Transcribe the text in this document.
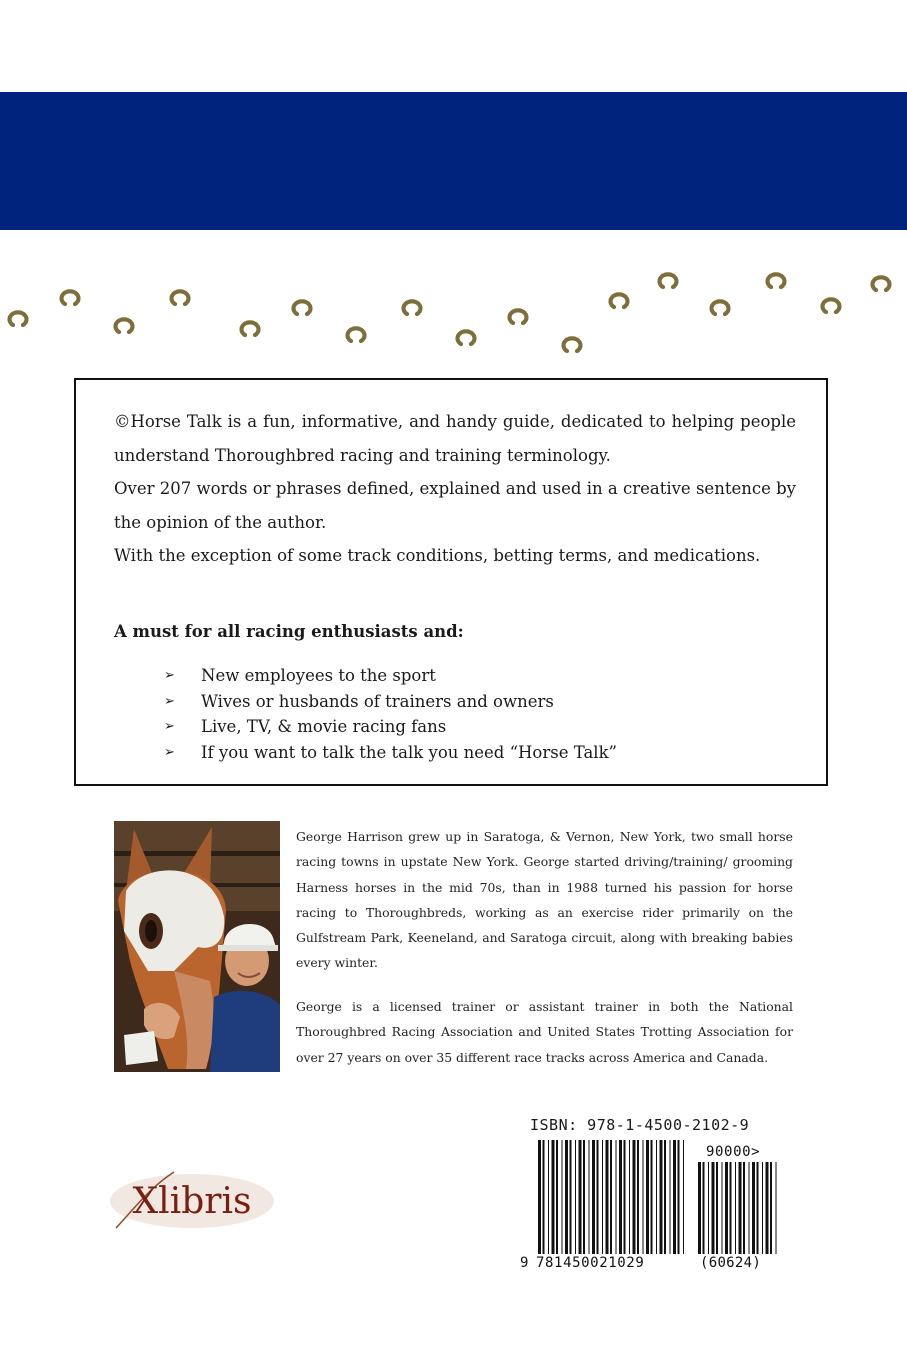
©Horse Talk is a fun, informative, and handy guide, dedicated to helping people understand Thoroughbred racing and training terminology.

Over 207 words or phrases defined, explained and used in a creative sentence by the opinion of the author.

With the exception of some track conditions, betting terms, and medications.

A must for all racing enthusiasts and:

➢ New employees to the sport
➢ Wives or husbands of trainers and owners
➢ Live, TV, & movie racing fans
➢ If you want to talk the talk you need “Horse Talk”

George Harrison grew up in Saratoga, & Vernon, New York, two small horse racing towns in upstate New York. George started driving/training/ grooming Harness horses in the mid 70s, than in 1988 turned his passion for horse racing to Thoroughbreds, working as an exercise rider primarily on the Gulfstream Park, Keeneland, and Saratoga circuit, along with breaking babies every winter.

George is a licensed trainer or assistant trainer in both the National Thoroughbred Racing Association and United States Trotting Association for over 27 years on over 35 different race tracks across America and Canada.

ISBN: 978-1-4500-2102-9
9 781450021029
90000>
(60624)
Xlibris
